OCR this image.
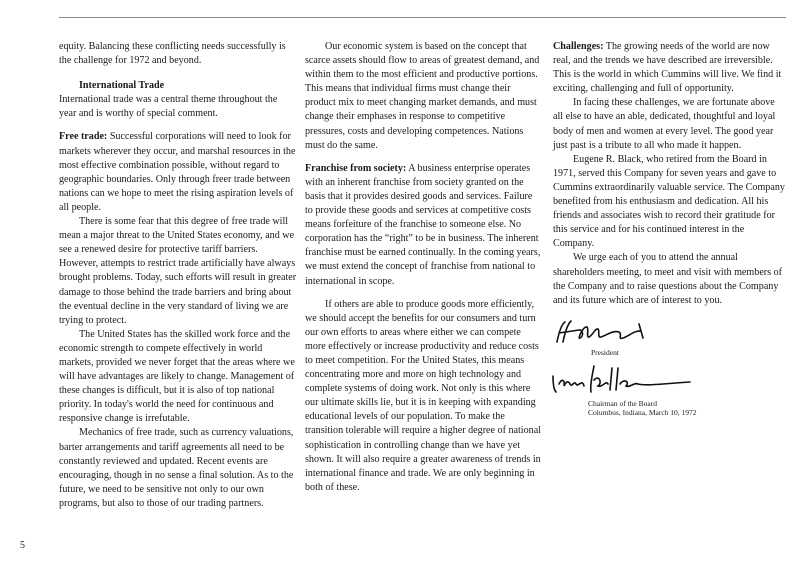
equity. Balancing these conflicting needs successfully is the challenge for 1972 and beyond.

International Trade

International trade was a central theme throughout the year and is worthy of special comment.

Free trade: Successful corporations will need to look for markets wherever they occur, and marshal resources in the most effective combination possible, without regard to geographic boundaries. Only through freer trade between nations can we hope to meet the rising aspiration levels of all people.

There is some fear that this degree of free trade will mean a major threat to the United States economy, and we see a renewed desire for protective tariff barriers. However, attempts to restrict trade artificially have always brought problems. Today, such efforts will result in greater damage to those behind the trade barriers and bring about the eventual decline in the very standard of living we are trying to protect.

The United States has the skilled work force and the economic strength to compete effectively in world markets, provided we never forget that the areas where we will have advantages are likely to change. Management of these changes is difficult, but it is also of top national priority. In today's world the need for continuous and responsive change is irrefutable.

Mechanics of free trade, such as currency valuations, barter arrangements and tariff agreements all need to be constantly reviewed and updated. Recent events are encouraging, though in no sense a final solution. As to the future, we need to be sensitive not only to our own programs, but also to those of our trading partners.

Our economic system is based on the concept that scarce assets should flow to areas of greatest demand, and within them to the most efficient and productive portions. This means that individual firms must change their product mix to meet changing market demands, and must change their emphases in response to competitive pressures, costs and developing competences. Nations must do the same.

Franchise from society: A business enterprise operates with an inherent franchise from society granted on the basis that it provides desired goods and services. Failure to provide these goods and services at competitive costs means forfeiture of the franchise to someone else. No corporation has the “right” to be in business. The inherent franchise must be earned continually. In the coming years, we must extend the concept of franchise from national to international in scope.

If others are able to produce goods more efficiently, we should accept the benefits for our consumers and turn our own efforts to areas where either we can compete more effectively or increase productivity and reduce costs to meet competition. For the United States, this means concentrating more and more on high technology and complete systems of doing work. Not only is this where our ultimate skills lie, but it is in keeping with expanding educational levels of our population. To make the transition tolerable will require a higher degree of national sophistication in controlling change than we have yet shown. It will also require a greater awareness of trends in international finance and trade. We are only beginning in both of these.

Challenges: The growing needs of the world are now real, and the trends we have described are irreversible. This is the world in which Cummins will live. We find it exciting, challenging and full of opportunity.

In facing these challenges, we are fortunate above all else to have an able, dedicated, thoughtful and loyal body of men and women at every level. The good year just past is a tribute to all who made it happen.

Eugene R. Black, who retired from the Board in 1971, served this Company for seven years and gave to Cummins extraordinarily valuable service. The Company benefited from his enthusiasm and dedication. All his friends and associates wish to record their gratitude for this service and for his continued interest in the Company.

We urge each of you to attend the annual shareholders meeting, to meet and visit with members of the Company and to raise questions about the Company and its future which are of interest to you.

President
Chairman of the Board
Columbus, Indiana, March 10, 1972
5
